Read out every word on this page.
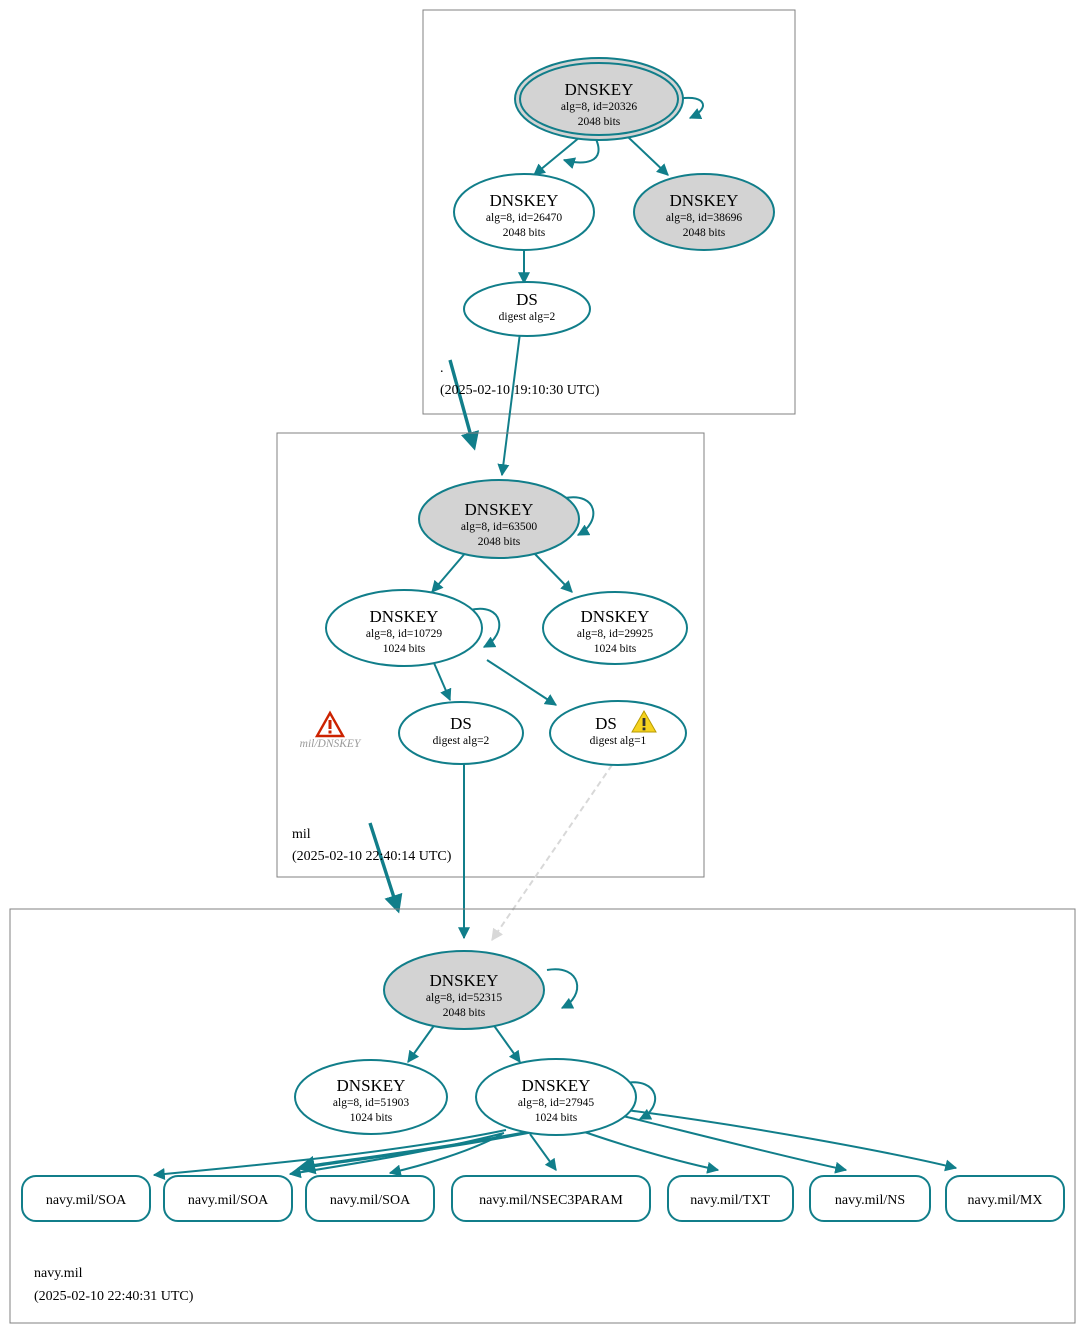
DNSKEY
alg=8, id=20326
2048 bits
DNSKEY
alg=8, id=26470
2048 bits
DNSKEY
alg=8, id=38696
2048 bits
DS
digest alg=2
.
(2025-02-10 19:10:30 UTC)
DNSKEY
alg=8, id=63500
2048 bits
DNSKEY
alg=8, id=10729
1024 bits
DNSKEY
alg=8, id=29925
1024 bits
DS
digest alg=2
DS
digest alg=1
mil/DNSKEY
mil
(2025-02-10 22:40:14 UTC)
DNSKEY
alg=8, id=52315
2048 bits
DNSKEY
alg=8, id=51903
1024 bits
DNSKEY
alg=8, id=27945
1024 bits
navy.mil/SOA	navy.mil/SOA	navy.mil/SOA	navy.mil/NSEC3PARAM	navy.mil/TXT	navy.mil/NS	navy.mil/MX
navy.mil
(2025-02-10 22:40:31 UTC)
